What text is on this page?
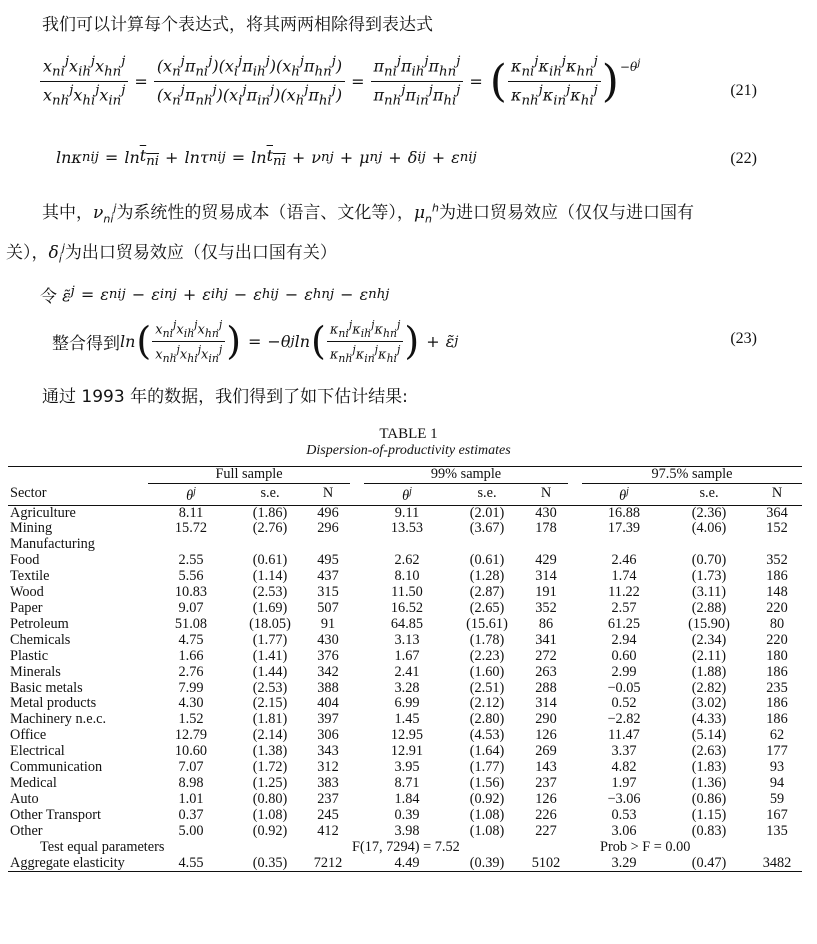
我们可以计算每个表达式，将其两两相除得到表达式
$\frac{x_{ni}^jx_{ih}^jx_{hn}^j}{x_{nh}^jx_{hi}^jx_{in}^j} = \frac{(x_n^j\pi_{ni}^j)(x_i^j\pi_{ih}^j)(x_h^j\pi_{hn}^j)}{(x_n^j\pi_{nh}^j)(x_i^j\pi_{in}^j)(x_h^j\pi_{hi}^j)} = \frac{\pi_{ni}^j\pi_{ih}^j\pi_{hn}^j}{\pi_{nh}^j\pi_{in}^j\pi_{hi}^j}$ = ( $\frac{\kappa_{ni}^j\kappa_{ih}^j\kappa_{hn}^j}{\kappa_{nh}^j\kappa_{in}^j\kappa_{hi}^j}$ ) $-\theta^j$
(21)
lnκ ni $j = \ln t_{ni} + \ln\tau$ ni $j = \ln t_{ni} + \nu$ n j + μ n j + δ i j + ε ni j	(22)
其中，$\nu_{ni}^j$为系统性的贸易成本（语言、文化等），$\mu_n^h$为进口贸易效应（仅仅与进口国有
关），$\delta_i^j$为出口贸易效应（仅与出口国有关）
令 ε̃$^j$ = ε ni j − ε in j + ε ih j − ε hi j − ε hn j − ε nh j
整合得到 ln ( $\frac{x_{ni}^jx_{ih}^jx_{hn}^j}{x_{nh}^jx_{hi}^jx_{in}^j}$ ) = −θ j ln ( $\frac{\kappa_{ni}^j\kappa_{ih}^j\kappa_{hn}^j}{\kappa_{nh}^j\kappa_{in}^j\kappa_{hi}^j}$ ) + ε̃ j	(23)
通过 1993 年的数据，我们得到了如下估计结果:
TABLE 1
Dispersion-of-productivity estimates
	Full sample				99% sample				97.5% sample		
Sector	$\theta^j$	s.e.	N		$\theta^j$	s.e.	N		$\theta^j$	s.e.	N
Agriculture	8.11	(1.86)	496		9.11	(2.01)	430		16.88	(2.36)	364
Mining	15.72	(2.76)	296		13.53	(3.67)	178		17.39	(4.06)	152
Manufacturing											
Food	2.55	(0.61)	495		2.62	(0.61)	429		2.46	(0.70)	352
Textile	5.56	(1.14)	437		8.10	(1.28)	314		1.74	(1.73)	186
Wood	10.83	(2.53)	315		11.50	(2.87)	191		11.22	(3.11)	148
Paper	9.07	(1.69)	507		16.52	(2.65)	352		2.57	(2.88)	220
Petroleum	51.08	(18.05)	91		64.85	(15.61)	86		61.25	(15.90)	80
Chemicals	4.75	(1.77)	430		3.13	(1.78)	341		2.94	(2.34)	220
Plastic	1.66	(1.41)	376		1.67	(2.23)	272		0.60	(2.11)	180
Minerals	2.76	(1.44)	342		2.41	(1.60)	263		2.99	(1.88)	186
Basic metals	7.99	(2.53)	388		3.28	(2.51)	288		−0.05	(2.82)	235
Metal products	4.30	(2.15)	404		6.99	(2.12)	314		0.52	(3.02)	186
Machinery n.e.c.	1.52	(1.81)	397		1.45	(2.80)	290		−2.82	(4.33)	186
Office	12.79	(2.14)	306		12.95	(4.53)	126		11.47	(5.14)	62
Electrical	10.60	(1.38)	343		12.91	(1.64)	269		3.37	(2.63)	177
Communication	7.07	(1.72)	312		3.95	(1.77)	143		4.82	(1.83)	93
Medical	8.98	(1.25)	383		8.71	(1.56)	237		1.97	(1.36)	94
Auto	1.01	(0.80)	237		1.84	(0.92)	126		−3.06	(0.86)	59
Other Transport	0.37	(1.08)	245		0.39	(1.08)	226		0.53	(1.15)	167
Other	5.00	(0.92)	412		3.98	(1.08)	227		3.06	(0.83)	135
Test equal parameters				F(17, 7294) = 7.52					Prob > F = 0.00		
Aggregate elasticity	4.55	(0.35)	7212		4.49	(0.39)	5102		3.29	(0.47)	3482
